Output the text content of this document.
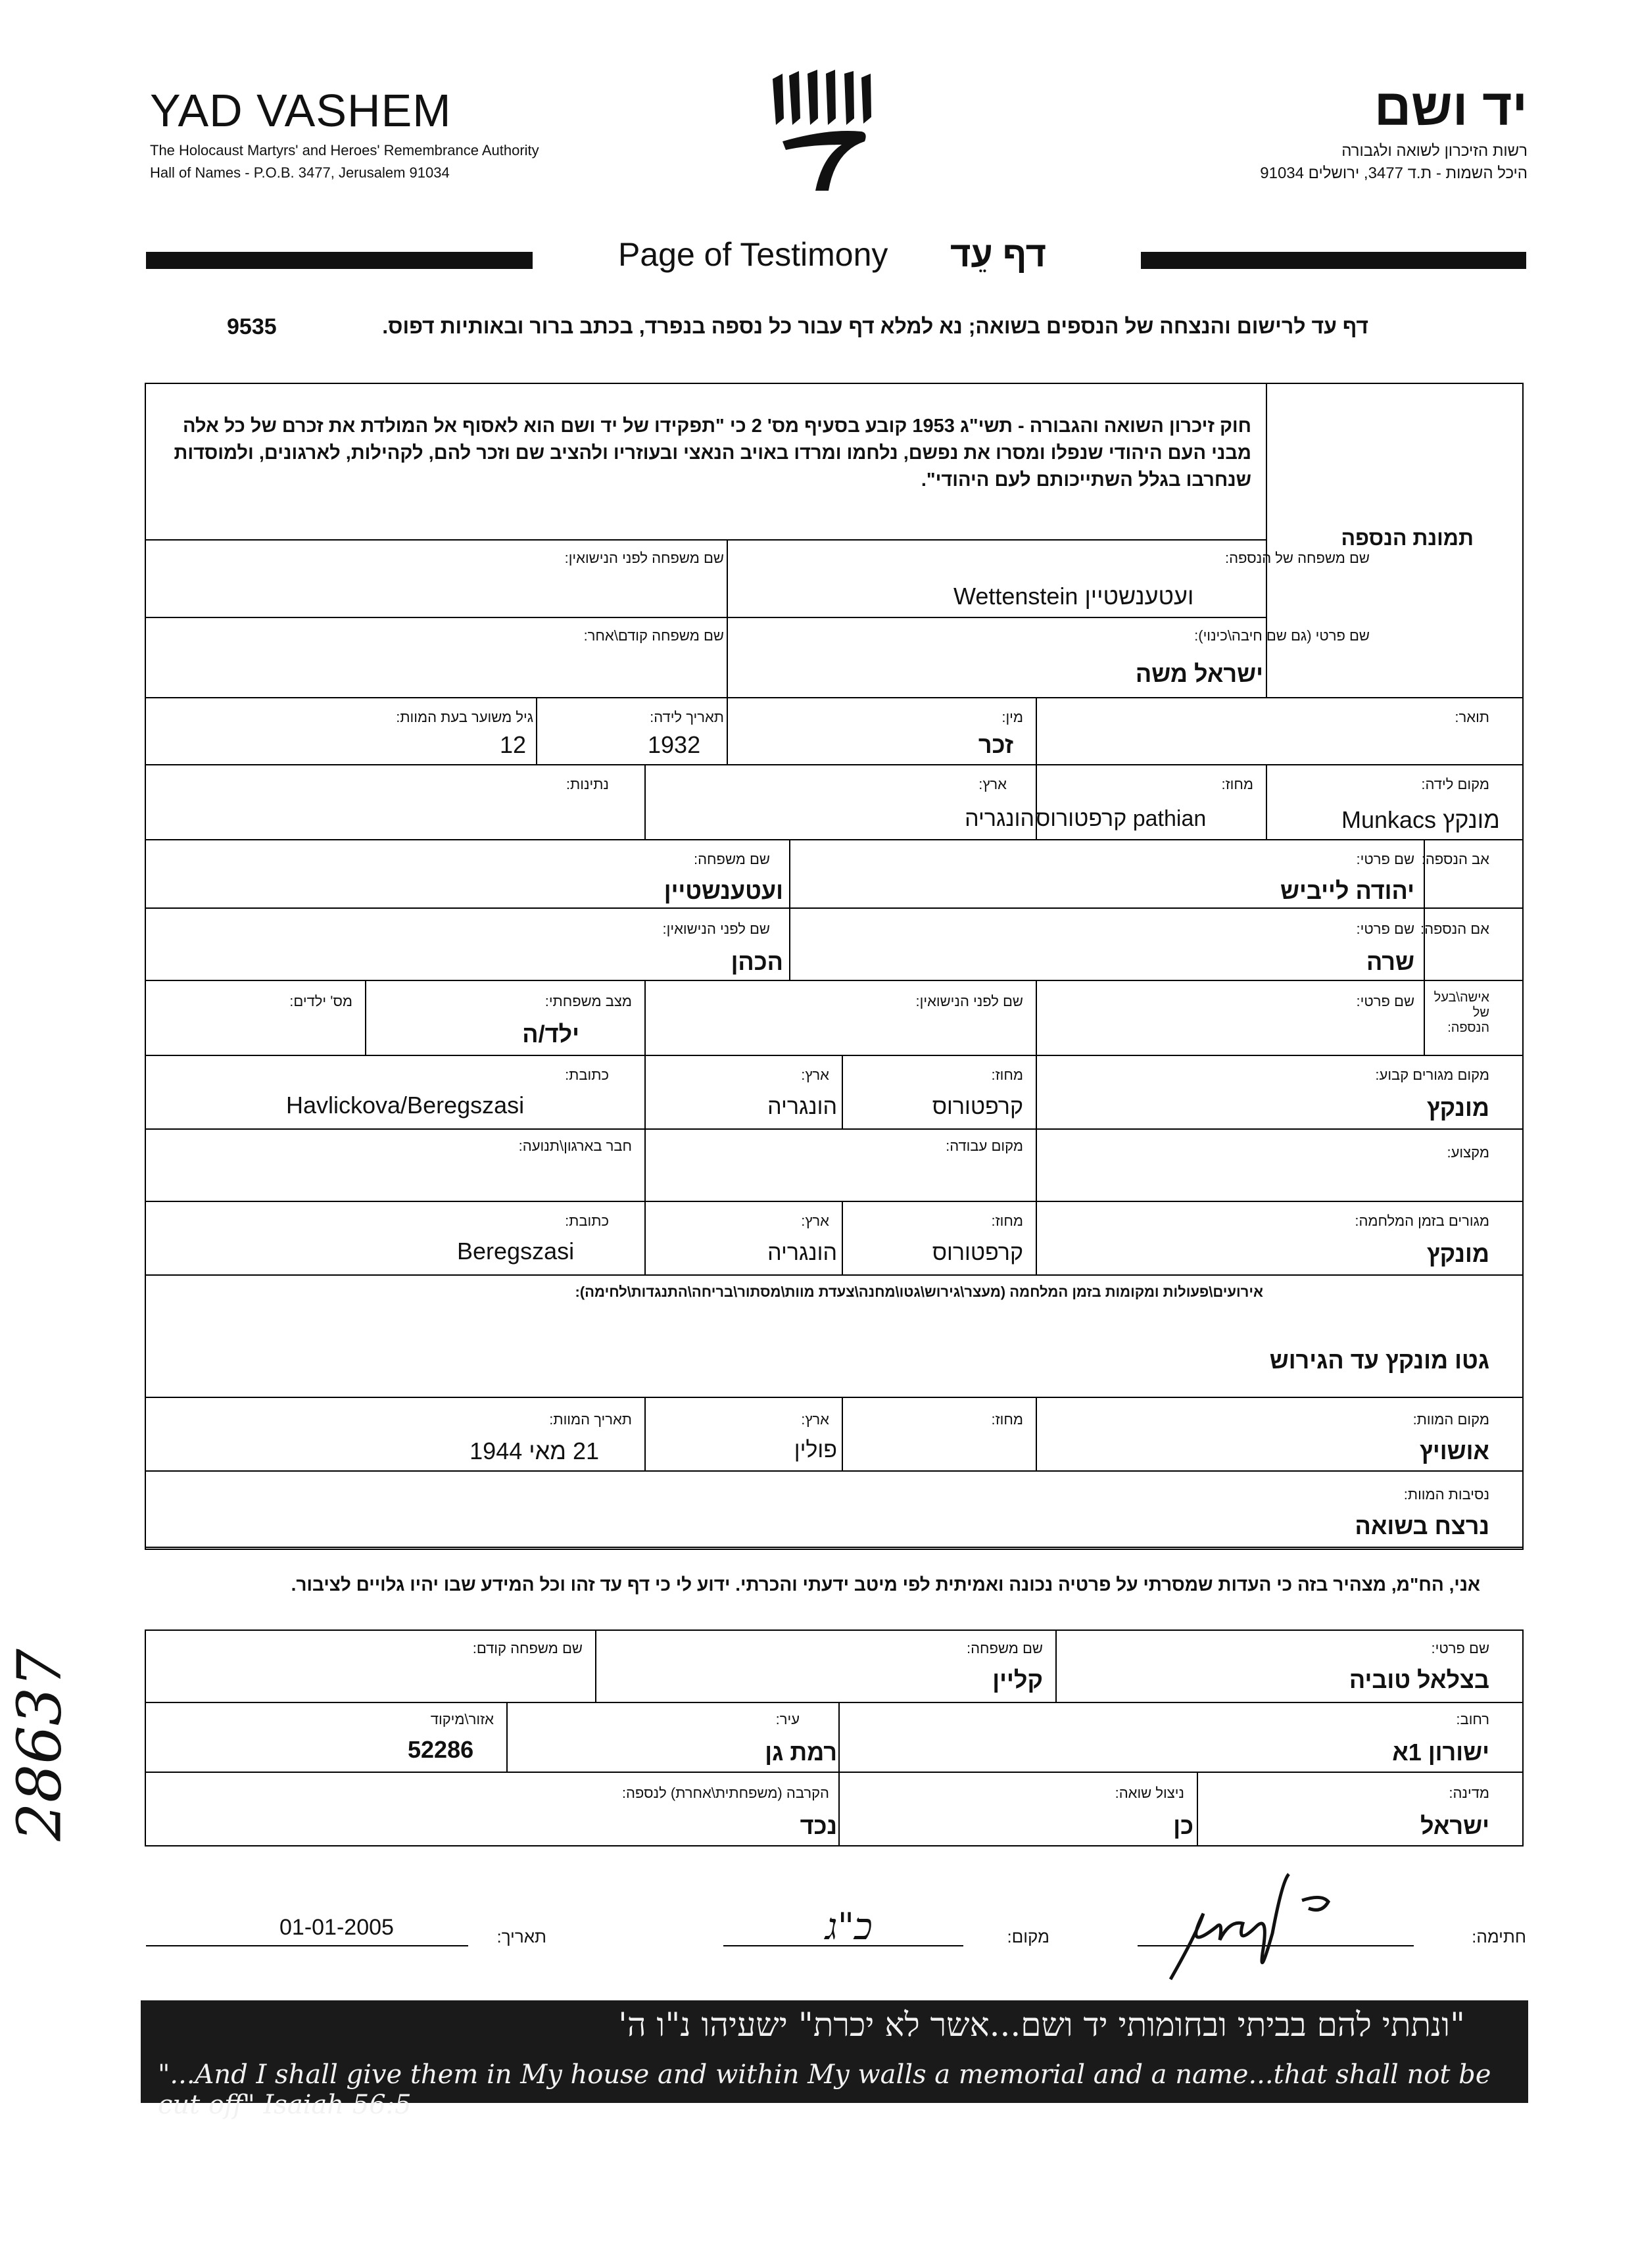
YAD VASHEM
The Holocaust Martyrs' and Heroes' Remembrance Authority
Hall of Names - P.O.B. 3477, Jerusalem 91034
יד ושם
רשות הזיכרון לשואה ולגבורה
היכל השמות - ת.ד 3477, ירושלים 91034
Page of Testimony דף עֵד
9535	דף עד לרישום והנצחה של הנספים בשואה; נא למלא דף עבור כל נספה בנפרד, בכתב ברור ובאותיות דפוס.
חוק זיכרון השואה והגבורה - תשי"ג 1953 קובע בסעיף מס' 2 כי "תפקידו של יד ושם הוא לאסוף אל המולדת את זכרם של כל אלה מבני העם היהודי שנפלו ומסרו את נפשם, נלחמו ומרדו באויב הנאצי ובעוזריו ולהציב שם וזכר להם, לקהילות, לארגונים, ולמוסדות שנחרבו בגלל השתייכותם לעם היהודי".
תמונת הנספה
שם משפחה של הנספה:
Wettenstein ועטענשטיין
שם משפחה לפני הנישואין:
שם פרטי (גם שם חיבה\כינוי):
ישראל משה
שם משפחה קודם\אחר:
תואר:
מין:
זכר
תאריך לידה:
1932
גיל משוער בעת המוות:
12
מקום לידה:
Munkacs מונקץ
מחוז:
קרפטורוס pathian
ארץ:
הונגריה
נתינות:
אב הנספה:
שם פרטי:
יהודה לייביש
שם משפחה:
ועטענשטיין
אם הנספה:
שם פרטי:
שרה
שם לפני הנישואין:
הכהן
אישה\בעל של הנספה:
שם פרטי:
שם לפני הנישואין:
מצב משפחתי:
ילד/ה
מס' ילדים:
מקום מגורים קבוע:
מונקץ
מחוז:
קרפטורוס
ארץ:
הונגריה
כתובת:
Havlickova/Beregszasi
מקצוע:
מקום עבודה:
חבר בארגון\תנועה:
מגורים בזמן המלחמה:
מונקץ
מחוז:
קרפטורוס
ארץ:
הונגריה
כתובת:
Beregszasi
אירועים\פעולות ומקומות בזמן המלחמה (מעצר\גירוש\גטו\מחנה\צעדת מוות\מסתור\בריחה\התנגדות\לחימה):
גטו מונקץ עד הגירוש
מקום המוות:
אושויץ
מחוז:
ארץ:
פולין
תאריך המוות:
21 מאי 1944
נסיבות המוות:
נרצח בשואה
אני, הח"מ, מצהיר בזה כי העדות שמסרתי על פרטיה נכונה ואמיתית לפי מיטב ידעתי והכרתי. ידוע לי כי דף עד זהו וכל המידע שבו יהיו גלויים לציבור.
שם פרטי:
בצלאל טוביה
שם משפחה:
קליין
שם משפחה קודם:
רחוב:
ישורון 1א
עיר:
רמת גן
אזור\מיקוד
52286
מדינה:
ישראל
ניצול שואה:
כן
הקרבה (משפחתית\אחרת) לנספה:
נכד
חתימה:
מקום:
כ"ג
תאריך:
01-01-2005
"ונתתי להם בביתי ובחומותי יד ושם...אשר לא יכרת" ישעיהו נ"ו ה'
"...And I shall give them in My house and within My walls a memorial and a name...that shall not be cut off" Isaiah 56:5
28637
